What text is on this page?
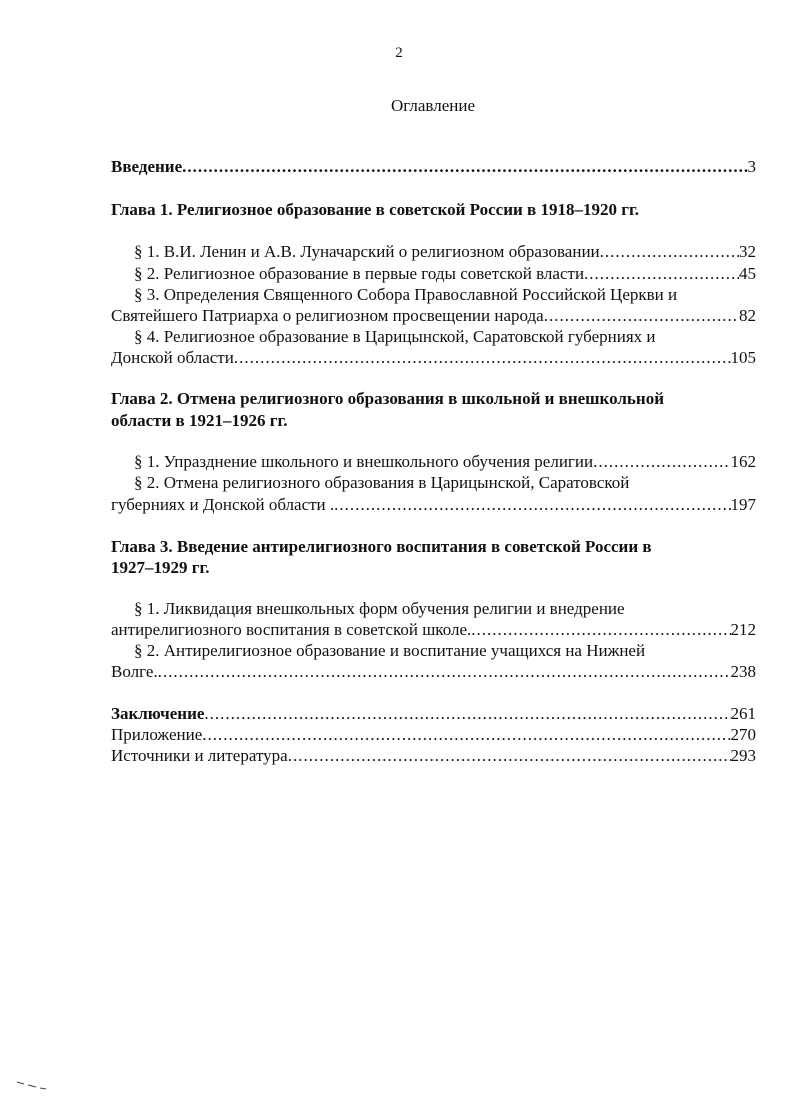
2
Оглавление
Введение .....	3
Глава 1. Религиозное образование в советской России в 1918–1920 гг.
§ 1. В.И. Ленин и А.В. Луначарский о религиозном образовании .....	32
§ 2. Религиозное образование в первые годы советской власти .....	45
§ 3. Определения Священного Собора Православной Российской Церкви и
Святейшего Патриарха о религиозном просвещении народа .....	82
§ 4. Религиозное образование в Царицынской, Саратовской губерниях и
Донской области .....	105
Глава 2. Отмена религиозного образования в школьной и внешкольной
области в 1921–1926 гг.
§ 1. Упразднение школьного и внешкольного обучения религии .....	162
§ 2. Отмена религиозного образования в Царицынской, Саратовской
губерниях и Донской области . .....	197
Глава 3. Введение антирелигиозного воспитания в советской России в
1927–1929 гг.
§ 1. Ликвидация внешкольных форм обучения религии и внедрение
антирелигиозного воспитания в советской школе. .....	212
§ 2. Антирелигиозное образование и воспитание учащихся на Нижней
Волге. .....	238
Заключение .....	261
Приложение .....	270
Источники и литература .....	293
